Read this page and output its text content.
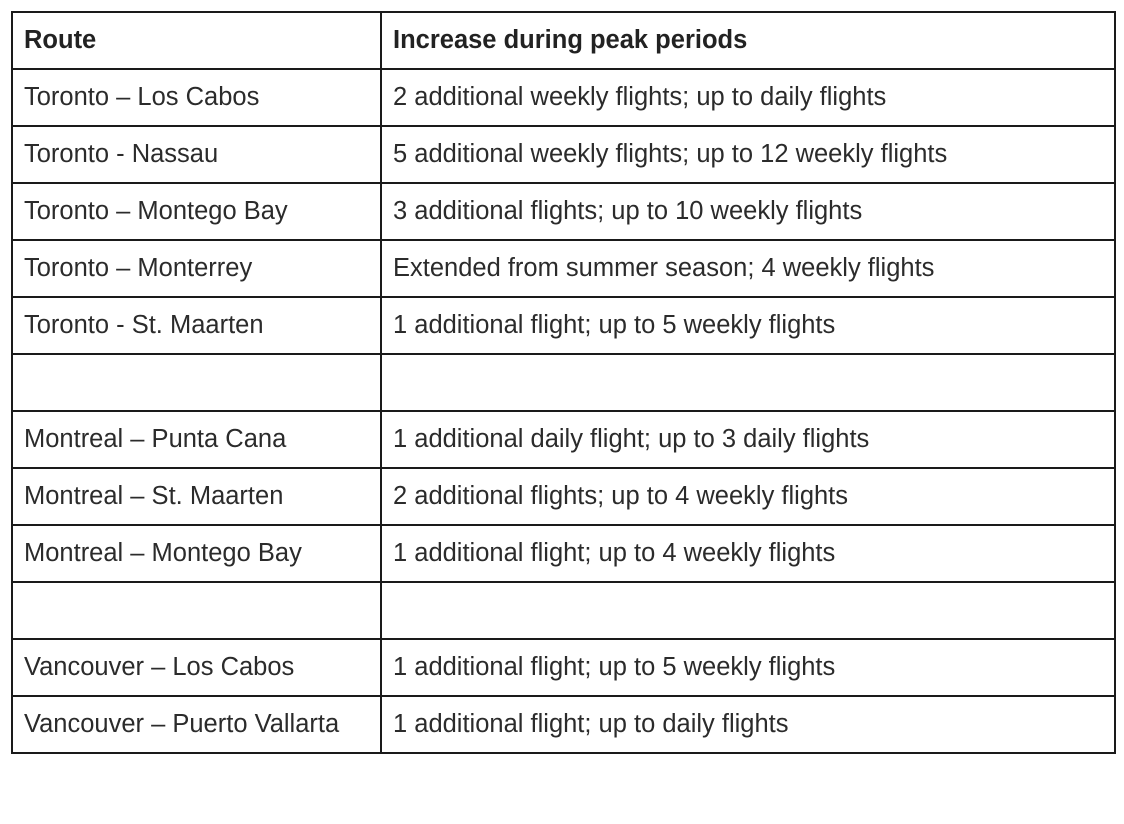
Route	Increase during peak periods
Toronto – Los Cabos	2 additional weekly flights; up to daily flights
Toronto - Nassau	5 additional weekly flights; up to 12 weekly flights
Toronto – Montego Bay	3 additional flights; up to 10 weekly flights
Toronto – Monterrey	Extended from summer season; 4 weekly flights
Toronto - St. Maarten	1 additional flight; up to 5 weekly flights

Montreal – Punta Cana	1 additional daily flight; up to 3 daily flights
Montreal – St. Maarten	2 additional flights; up to 4 weekly flights
Montreal – Montego Bay	1 additional flight; up to 4 weekly flights

Vancouver – Los Cabos	1 additional flight; up to 5 weekly flights
Vancouver – Puerto Vallarta	1 additional flight; up to daily flights
